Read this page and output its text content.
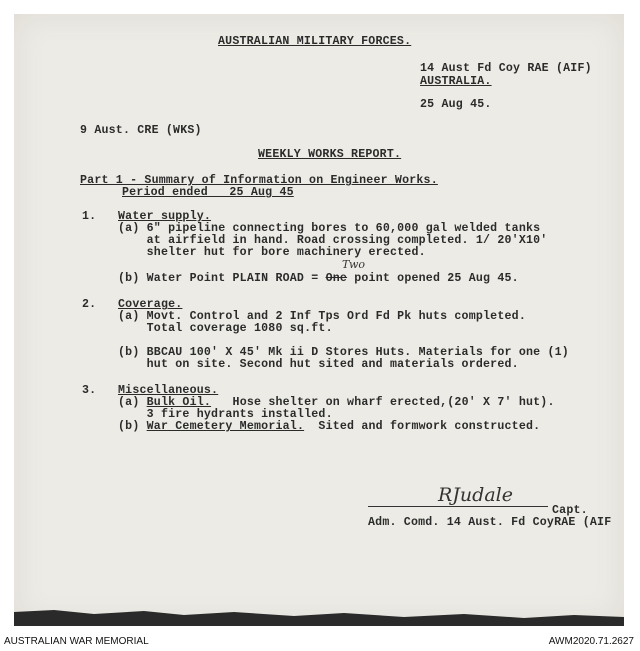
AUSTRALIAN MILITARY FORCES.
14 Aust Fd Coy RAE (AIF)
AUSTRALIA.
25 Aug 45.
9 Aust. CRE (WKS)
WEEKLY WORKS REPORT.
Part 1 - Summary of Information on Engineer Works.
Period ended   25 Aug 45
1. Water supply.
(a) 6" pipeline connecting bores to 60,000 gal welded tanks
at airfield in hand. Road crossing completed. 1/ 20'X10'
shelter hut for bore machinery erected.
(b) Water Point PLAIN ROAD = One point opened 25 Aug 45.
Two
2. Coverage.
(a) Movt. Control and 2 Inf Tps Ord Fd Pk huts completed.
Total coverage 1080 sq.ft.
(b) BBCAU 100' X 45' Mk ii D Stores Huts. Materials for one (1)
hut on site. Second hut sited and materials ordered.
3. Miscellaneous.
(a) Bulk Oil.   Hose shelter on wharf erected,(20' X 7' hut).
3 fire hydrants installed.
(b) War Cemetery Memorial.  Sited and formwork constructed.
RJudale
Capt.
Adm. Comd. 14 Aust. Fd CoyRAE (AIF
AUSTRALIAN WAR MEMORIAL	AWM2020.71.2627
